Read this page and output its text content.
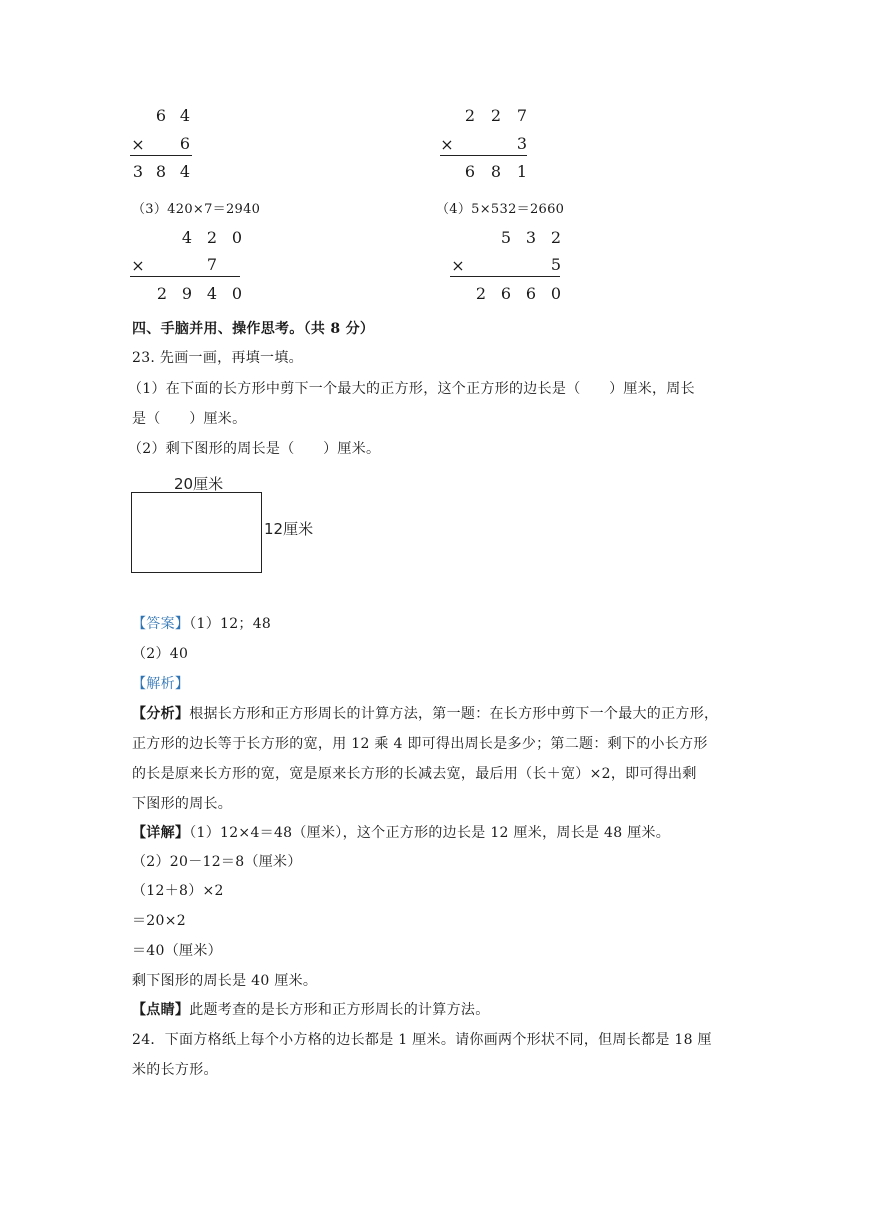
6 4
× 6
3 8 4
2 2 7
×	3
6 8 1
（3）420×7＝2940	（4）5×532＝2660
4 2 0
×	7
2 9 4 0
5 3 2
×	5
2 6 6 0
四、手脑并用、操作思考。（共 8 分）
23. 先画一画，再填一填。
（1）在下面的长方形中剪下一个最大的正方形，这个正方形的边长是（　　）厘米，周长
是（　　）厘米。
（2）剩下图形的周长是（　　）厘米。
20厘米
12厘米
【答案】（1）12；48
（2）40
【解析】
【分析】根据长方形和正方形周长的计算方法，第一题：在长方形中剪下一个最大的正方形，
正方形的边长等于长方形的宽，用 12 乘 4 即可得出周长是多少；第二题：剩下的小长方形
的长是原来长方形的宽，宽是原来长方形的长减去宽，最后用（长＋宽）×2，即可得出剩
下图形的周长。
【详解】（1）12×4＝48（厘米），这个正方形的边长是 12 厘米，周长是 48 厘米。
（2）20－12＝8（厘米）
（12＋8）×2
＝20×2
＝40（厘米）
剩下图形的周长是 40 厘米。
【点睛】此题考查的是长方形和正方形周长的计算方法。
24．下面方格纸上每个小方格的边长都是 1 厘米。请你画两个形状不同，但周长都是 18 厘
米的长方形。
